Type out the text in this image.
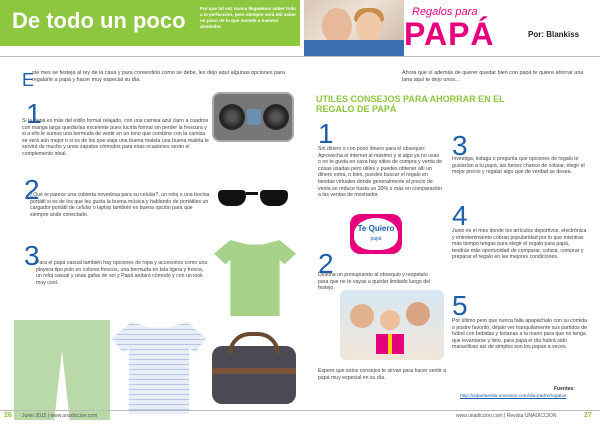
De todo un poco	Por que tal vez nunca lleguemos saber todo a la perfección, pero siempre será útil saber un poco de lo que sucede a nuestro alrededor.
Regalos para
PAPÁ	Por: Blankiss
E
ste mes se festeja al rey de la casa y para consentirlo como se debe, les dejo aquí algunas opciones para regalarle a papá y hacer muy especial su día.
1
Si tu papá es más del estilo formal relajado, con una camisa azul claro a cuadros con manga larga quedarías excelente pues luciría formal sin perder la frescura y si a ello le sumas una bermuda de vestir en un tono que combine con la camisa se verá aún mejor o si es de los que viaja una buena maleta una buena maleta le servirá de mucho y unos zapatos cómodos para esas ocasiones serán el complemento ideal.
2
¿Qué te parece una cubierta novedosa para su celular?, un reloj o una bocina portátil si es de los que les gusta la buena música y hablando de portátiles un cargador portátil de celular o laptop también es buena opción para que siempre ande conectado.
3
Para el papá casual también hay opciones de ropa y accesorios como una playera tipo polo en colores frescos, una bermuda en tela ligera y fresca, un reloj casual y unas gafas de sol y Papá andará cómodo y con un look muy cool.
Ahora que sí además de querer quedar bien con papá te quiere ahorrar una lana aquí te dejo unos…
UTILES CONSEJOS PARA AHORRAR EN EL REGALO DE PAPÁ
1
Sin dinero o con poco dinero para el obsequio: Aprovecha el internet al máximo y si algo ya no usas o no te gusta en casa hay sitios de compra y venta de cosas usadas pero útiles y puedes obtener allí un dinero extra, o bien, puedes buscar el regalo en tiendas virtuales donde generalmente el precio de venta se reduce hasta un 30% o más en comparación a las ventas de mostrador.
Te Quiero
papá
2
Destina un presupuesto al obsequio y respetalo para que no te vayas a quedar limitado luego del festejo.
Espero que estos consejos te sirvan para hacer sentir a papá muy especial en su día.
3
Investiga, indaga o pregunta que opciones de regalo le gustarían a tu papá, así tienes chance de cotizar, elegir el mejor precio y regalar algo que de verdad se desea.
4
Junio es el mes donde los artículos deportivos, electrónica y entretenimiento cobran popularidad por lo que mientras más tiempo tengas para elegir el regalo para papá, tendrás más oportunidad de comparar, cotizar, comprar y preparar el regalo en las mejores condiciones.
5
Por último pero que nunca falla apapachalo con su comida o postre favorito, déjalo ver tranquilamente sus partidos de futbol con bebidas y botanas a la mano para que no tenga que levantarse y listo, para papá el día habrá sido maravilloso así de simples son los papás a veces.
Fuentes:
http://vidaefamilia.univision.com/dia-padre/regalos
26 Junio 2015 | www.unadiccion.com	www.unadiccion.com | Revista UNADICCION	27
